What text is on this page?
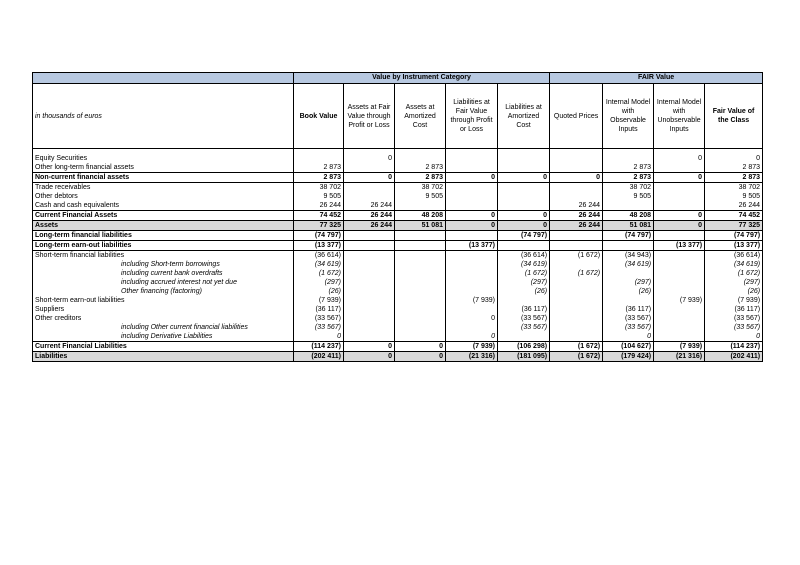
	Value by Instrument Category					FAIR Value			
in thousands of euros	Book Value	Assets at Fair Value through Profit or Loss	Assets at Amortized Cost	Liabilities at Fair Value through Profit or Loss	Liabilities at Amortized Cost	Quoted Prices	Internal Model with Observable Inputs	Internal Model with Unobservable Inputs	Fair Value of the Class

Equity Securities		0						0	0
Other long-term financial assets	2 873		2 873				2 873		2 873
Non-current financial assets	2 873	0	2 873	0	0	0	2 873	0	2 873
Trade receivables	38 702		38 702				38 702		38 702
Other debtors	9 505		9 505				9 505		9 505
Cash and cash equivalents	26 244	26 244				26 244			26 244
Current Financial Assets	74 452	26 244	48 208	0	0	26 244	48 208	0	74 452
Assets	77 325	26 244	51 081	0	0	26 244	51 081	0	77 325
Long-term financial liabilities	(74 797)				(74 797)		(74 797)		(74 797)
Long-term earn-out liabilities	(13 377)			(13 377)				(13 377)	(13 377)
Short-term financial liabilities	(36 614)				(36 614)	(1 672)	(34 943)		(36 614)
including Short-term borrowings	(34 619)				(34 619)		(34 619)		(34 619)
including current bank overdrafts	(1 672)				(1 672)	(1 672)			(1 672)
including accrued interest not yet due	(297)				(297)		(297)		(297)
Other financing (factoring)	(26)				(26)		(26)		(26)
Short-term earn-out liabilities	(7 939)			(7 939)				(7 939)	(7 939)
Suppliers	(36 117)				(36 117)		(36 117)		(36 117)
Other creditors	(33 567)			0	(33 567)		(33 567)		(33 567)
including Other current financial liabilities	(33 567)				(33 567)		(33 567)		(33 567)
including Derivative Liabilities	0			0			0		0
Current Financial Liabilities	(114 237)	0	0	(7 939)	(106 298)	(1 672)	(104 627)	(7 939)	(114 237)
Liabilities	(202 411)	0	0	(21 316)	(181 095)	(1 672)	(179 424)	(21 316)	(202 411)
